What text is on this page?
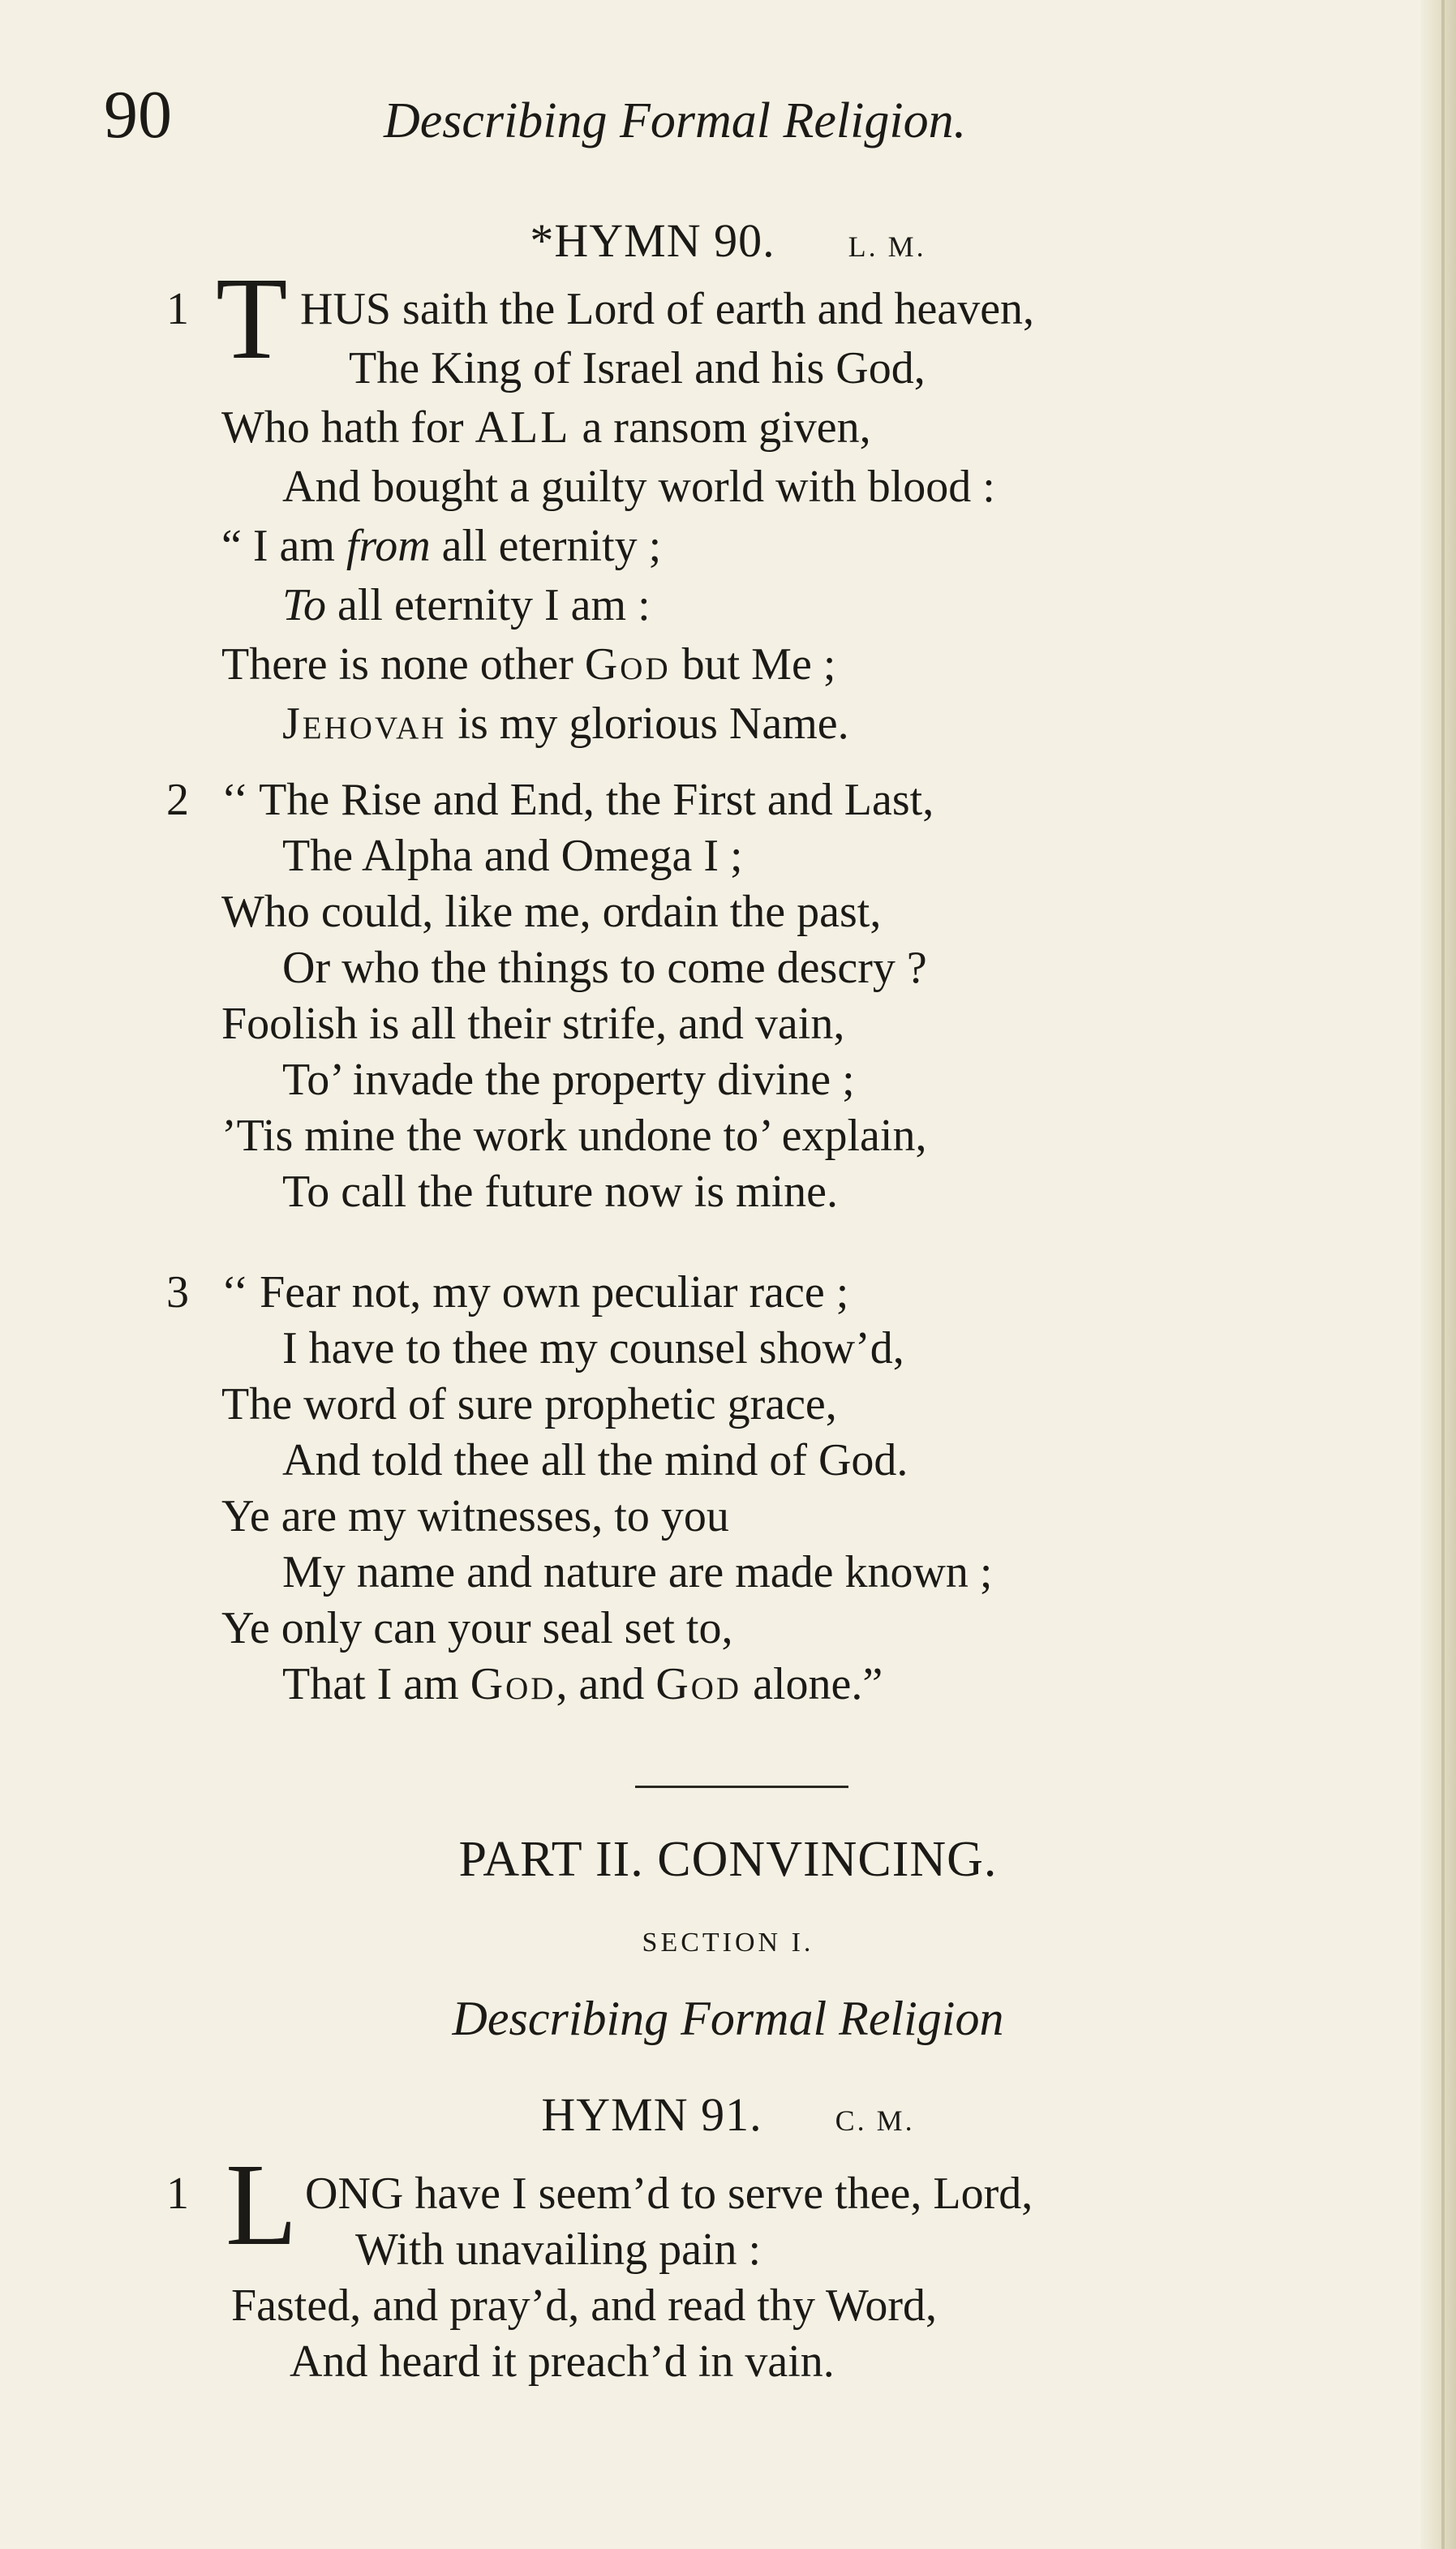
90	Describing Formal Religion.
*HYMN 90.	L. M.
1 T HUS saith the Lord of earth and heaven,
The King of Israel and his God,
Who hath for ALL a ransom given,
And bought a guilty world with blood :
“ I am from all eternity ;
To all eternity I am :
There is none other God but Me ;
Jehovah is my glorious Name.
2 ‘‘ The Rise and End, the First and Last,
The Alpha and Omega I ;
Who could, like me, ordain the past,
Or who the things to come descry ?
Foolish is all their strife, and vain,
To’ invade the property divine ;
’Tis mine the work undone to’ explain,
To call the future now is mine.
3 ‘‘ Fear not, my own peculiar race ;
I have to thee my counsel show’d,
The word of sure prophetic grace,
And told thee all the mind of God.
Ye are my witnesses, to you
My name and nature are made known ;
Ye only can your seal set to,
That I am God, and God alone.”
PART II. CONVINCING.
SECTION I.
Describing Formal Religion
HYMN 91.	C. M.
1 L ONG have I seem’d to serve thee, Lord,
With unavailing pain :
Fasted, and pray’d, and read thy Word,
And heard it preach’d in vain.
